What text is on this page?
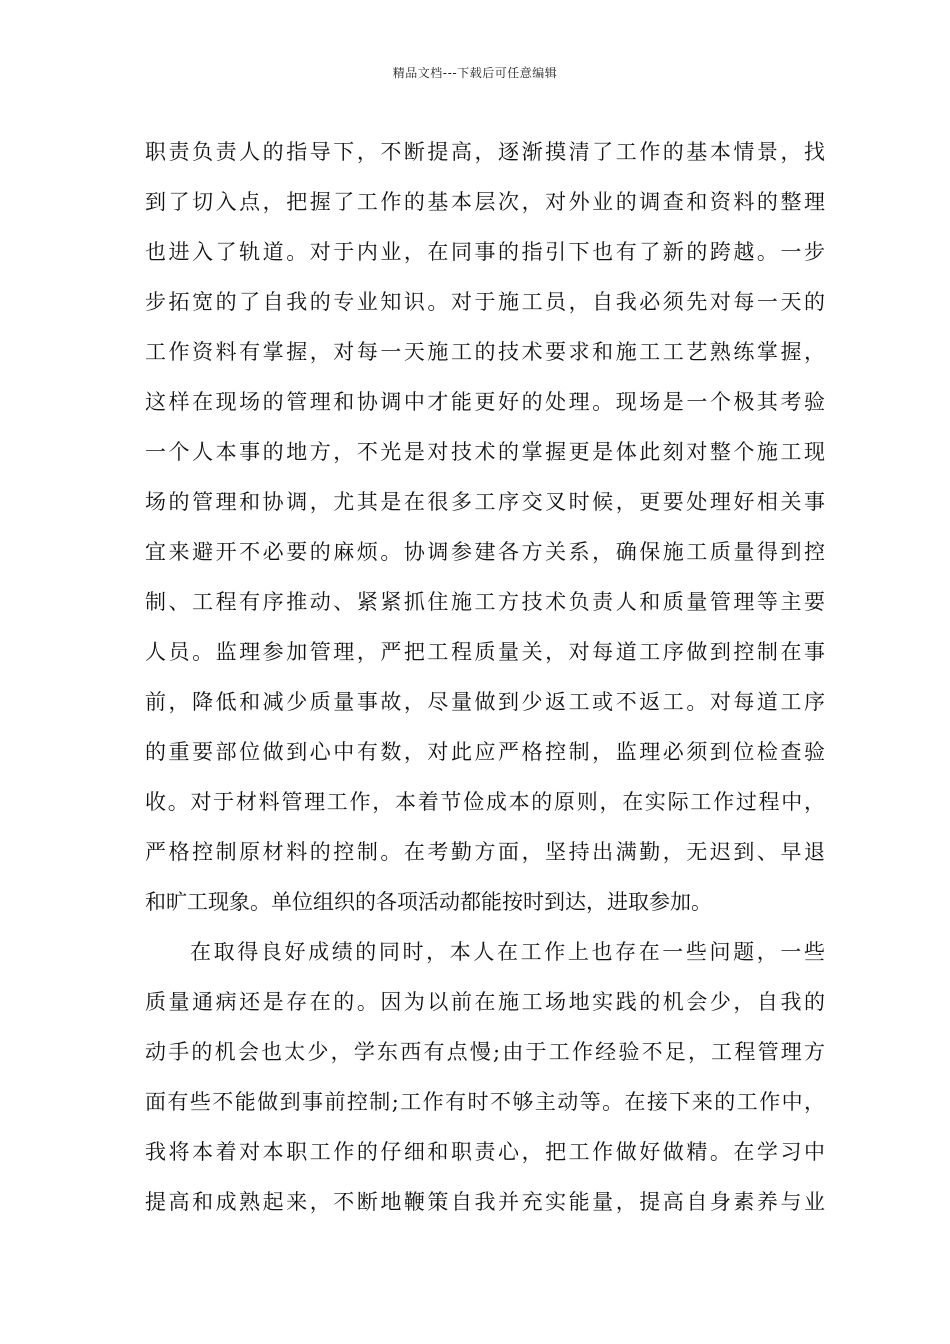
精品文档---下载后可任意编辑
职责负责人的指导下，不断提高，逐渐摸清了工作的基本情景，找
到了切入点，把握了工作的基本层次，对外业的调查和资料的整理
也进入了轨道。对于内业，在同事的指引下也有了新的跨越。一步
步拓宽的了自我的专业知识。对于施工员，自我必须先对每一天的
工作资料有掌握，对每一天施工的技术要求和施工工艺熟练掌握，
这样在现场的管理和协调中才能更好的处理。现场是一个极其考验
一个人本事的地方，不光是对技术的掌握更是体此刻对整个施工现
场的管理和协调，尤其是在很多工序交叉时候，更要处理好相关事
宜来避开不必要的麻烦。协调参建各方关系，确保施工质量得到控
制、工程有序推动、紧紧抓住施工方技术负责人和质量管理等主要
人员。监理参加管理，严把工程质量关，对每道工序做到控制在事
前，降低和减少质量事故，尽量做到少返工或不返工。对每道工序
的重要部位做到心中有数，对此应严格控制，监理必须到位检查验
收。对于材料管理工作，本着节俭成本的原则，在实际工作过程中，
严格控制原材料的控制。在考勤方面，坚持出满勤，无迟到、早退
和旷工现象。单位组织的各项活动都能按时到达，进取参加。
在取得良好成绩的同时，本人在工作上也存在一些问题，一些
质量通病还是存在的。因为以前在施工场地实践的机会少，自我的
动手的机会也太少，学东西有点慢;由于工作经验不足，工程管理方
面有些不能做到事前控制;工作有时不够主动等。在接下来的工作中，
我将本着对本职工作的仔细和职责心，把工作做好做精。在学习中
提高和成熟起来，不断地鞭策自我并充实能量，提高自身素养与业
